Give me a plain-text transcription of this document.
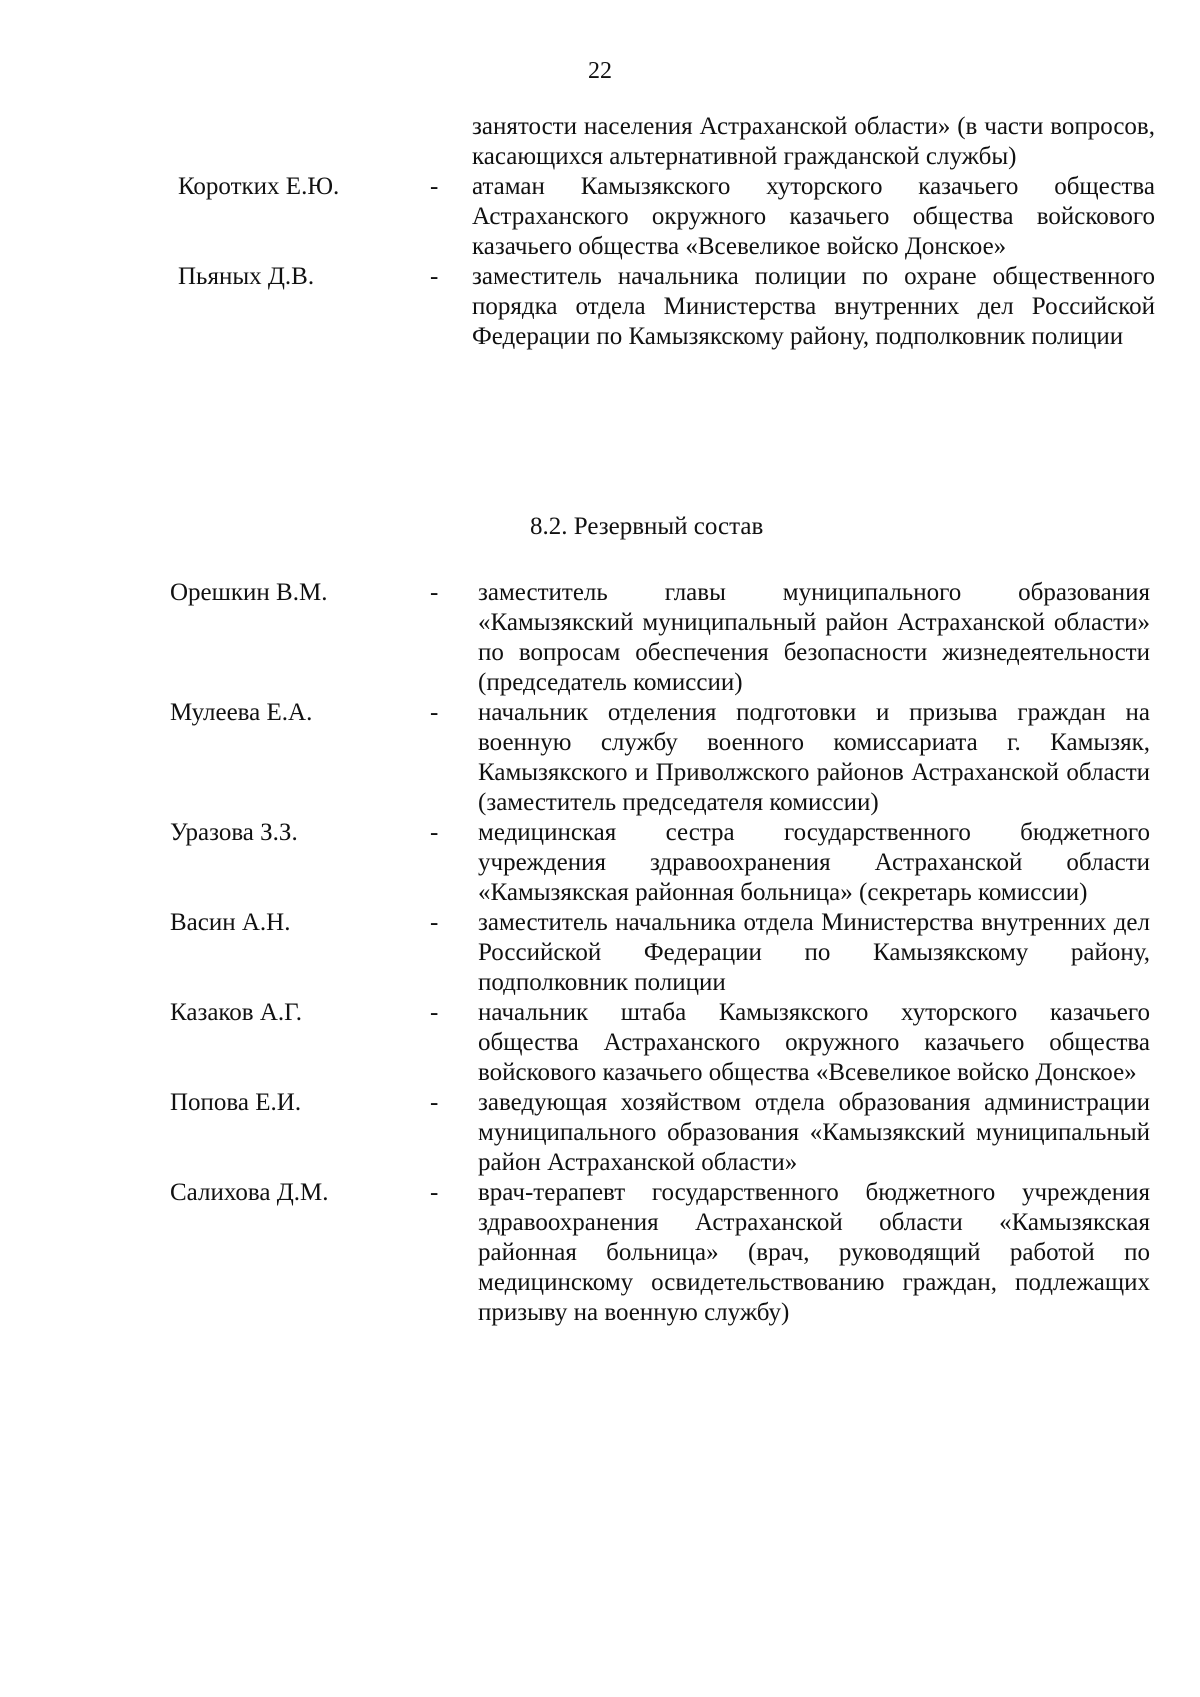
22
занятости населения Астраханской области» (в части вопросов, касающихся альтернативной гражданской службы)
Коротких Е.Ю.	- атаман Камызякского хуторского казачьего общества Астраханского окружного казачьего общества войскового казачьего общества «Всевеликое войско Донское»
Пьяных Д.В.	- заместитель начальника полиции по охране общественного порядка отдела Министерства внутренних дел Российской Федерации по Камызякскому району, подполковник полиции
8.2. Резервный состав
Орешкин В.М.	- заместитель главы муниципального образования «Камызякский муниципальный район Астраханской области» по вопросам обеспечения безопасности жизнедеятельности (председатель комиссии)
Мулеева Е.А.	- начальник отделения подготовки и призыва граждан на военную службу военного комиссариата г. Камызяк, Камызякского и Приволжского районов Астраханской области (заместитель председателя комиссии)
Уразова З.З.	- медицинская сестра государственного бюджетного учреждения здравоохранения Астраханской области «Камызякская районная больница» (секретарь комиссии)
Васин А.Н.	- заместитель начальника отдела Министерства внутренних дел Российской Федерации по Камызякскому району, подполковник полиции
Казаков А.Г.	- начальник штаба Камызякского хуторского казачьего общества Астраханского окружного казачьего общества войскового казачьего общества «Всевеликое войско Донское»
Попова Е.И.	- заведующая хозяйством отдела образования администрации муниципального образования «Камызякский муниципальный район Астраханской области»
Салихова Д.М.	- врач-терапевт государственного бюджетного учреждения здравоохранения Астраханской области «Камызякская районная больница» (врач, руководящий работой по медицинскому освидетельствованию граждан, подлежащих призыву на военную службу)
